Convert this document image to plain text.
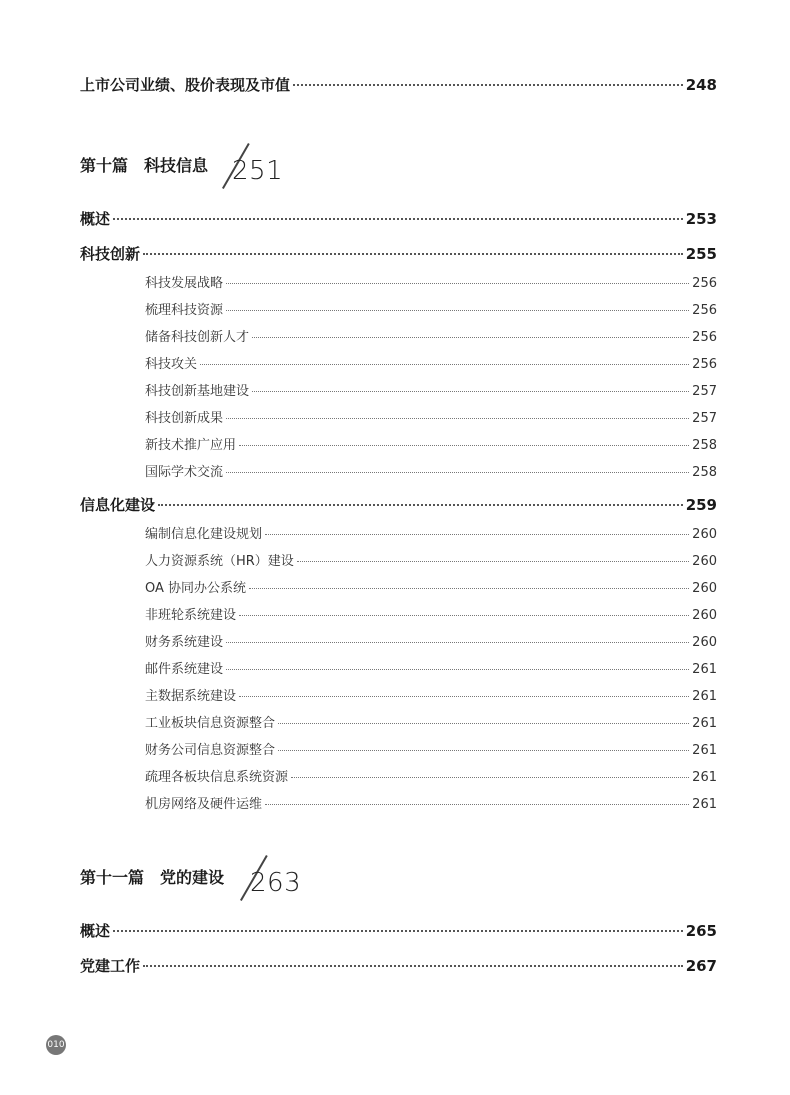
上市公司业绩、股价表现及市值	248
第十篇　科技信息 251
概述	253
科技创新	255
科技发展战略	256
梳理科技资源	256
储备科技创新人才	256
科技攻关	256
科技创新基地建设	257
科技创新成果	257
新技术推广应用	258
国际学术交流	258
信息化建设	259
编制信息化建设规划	260
人力资源系统（HR）建设	260
OA 协同办公系统	260
非班轮系统建设	260
财务系统建设	260
邮件系统建设	261
主数据系统建设	261
工业板块信息资源整合	261
财务公司信息资源整合	261
疏理各板块信息系统资源	261
机房网络及硬件运维	261
第十一篇　党的建设 263
概述	265
党建工作	267
010
